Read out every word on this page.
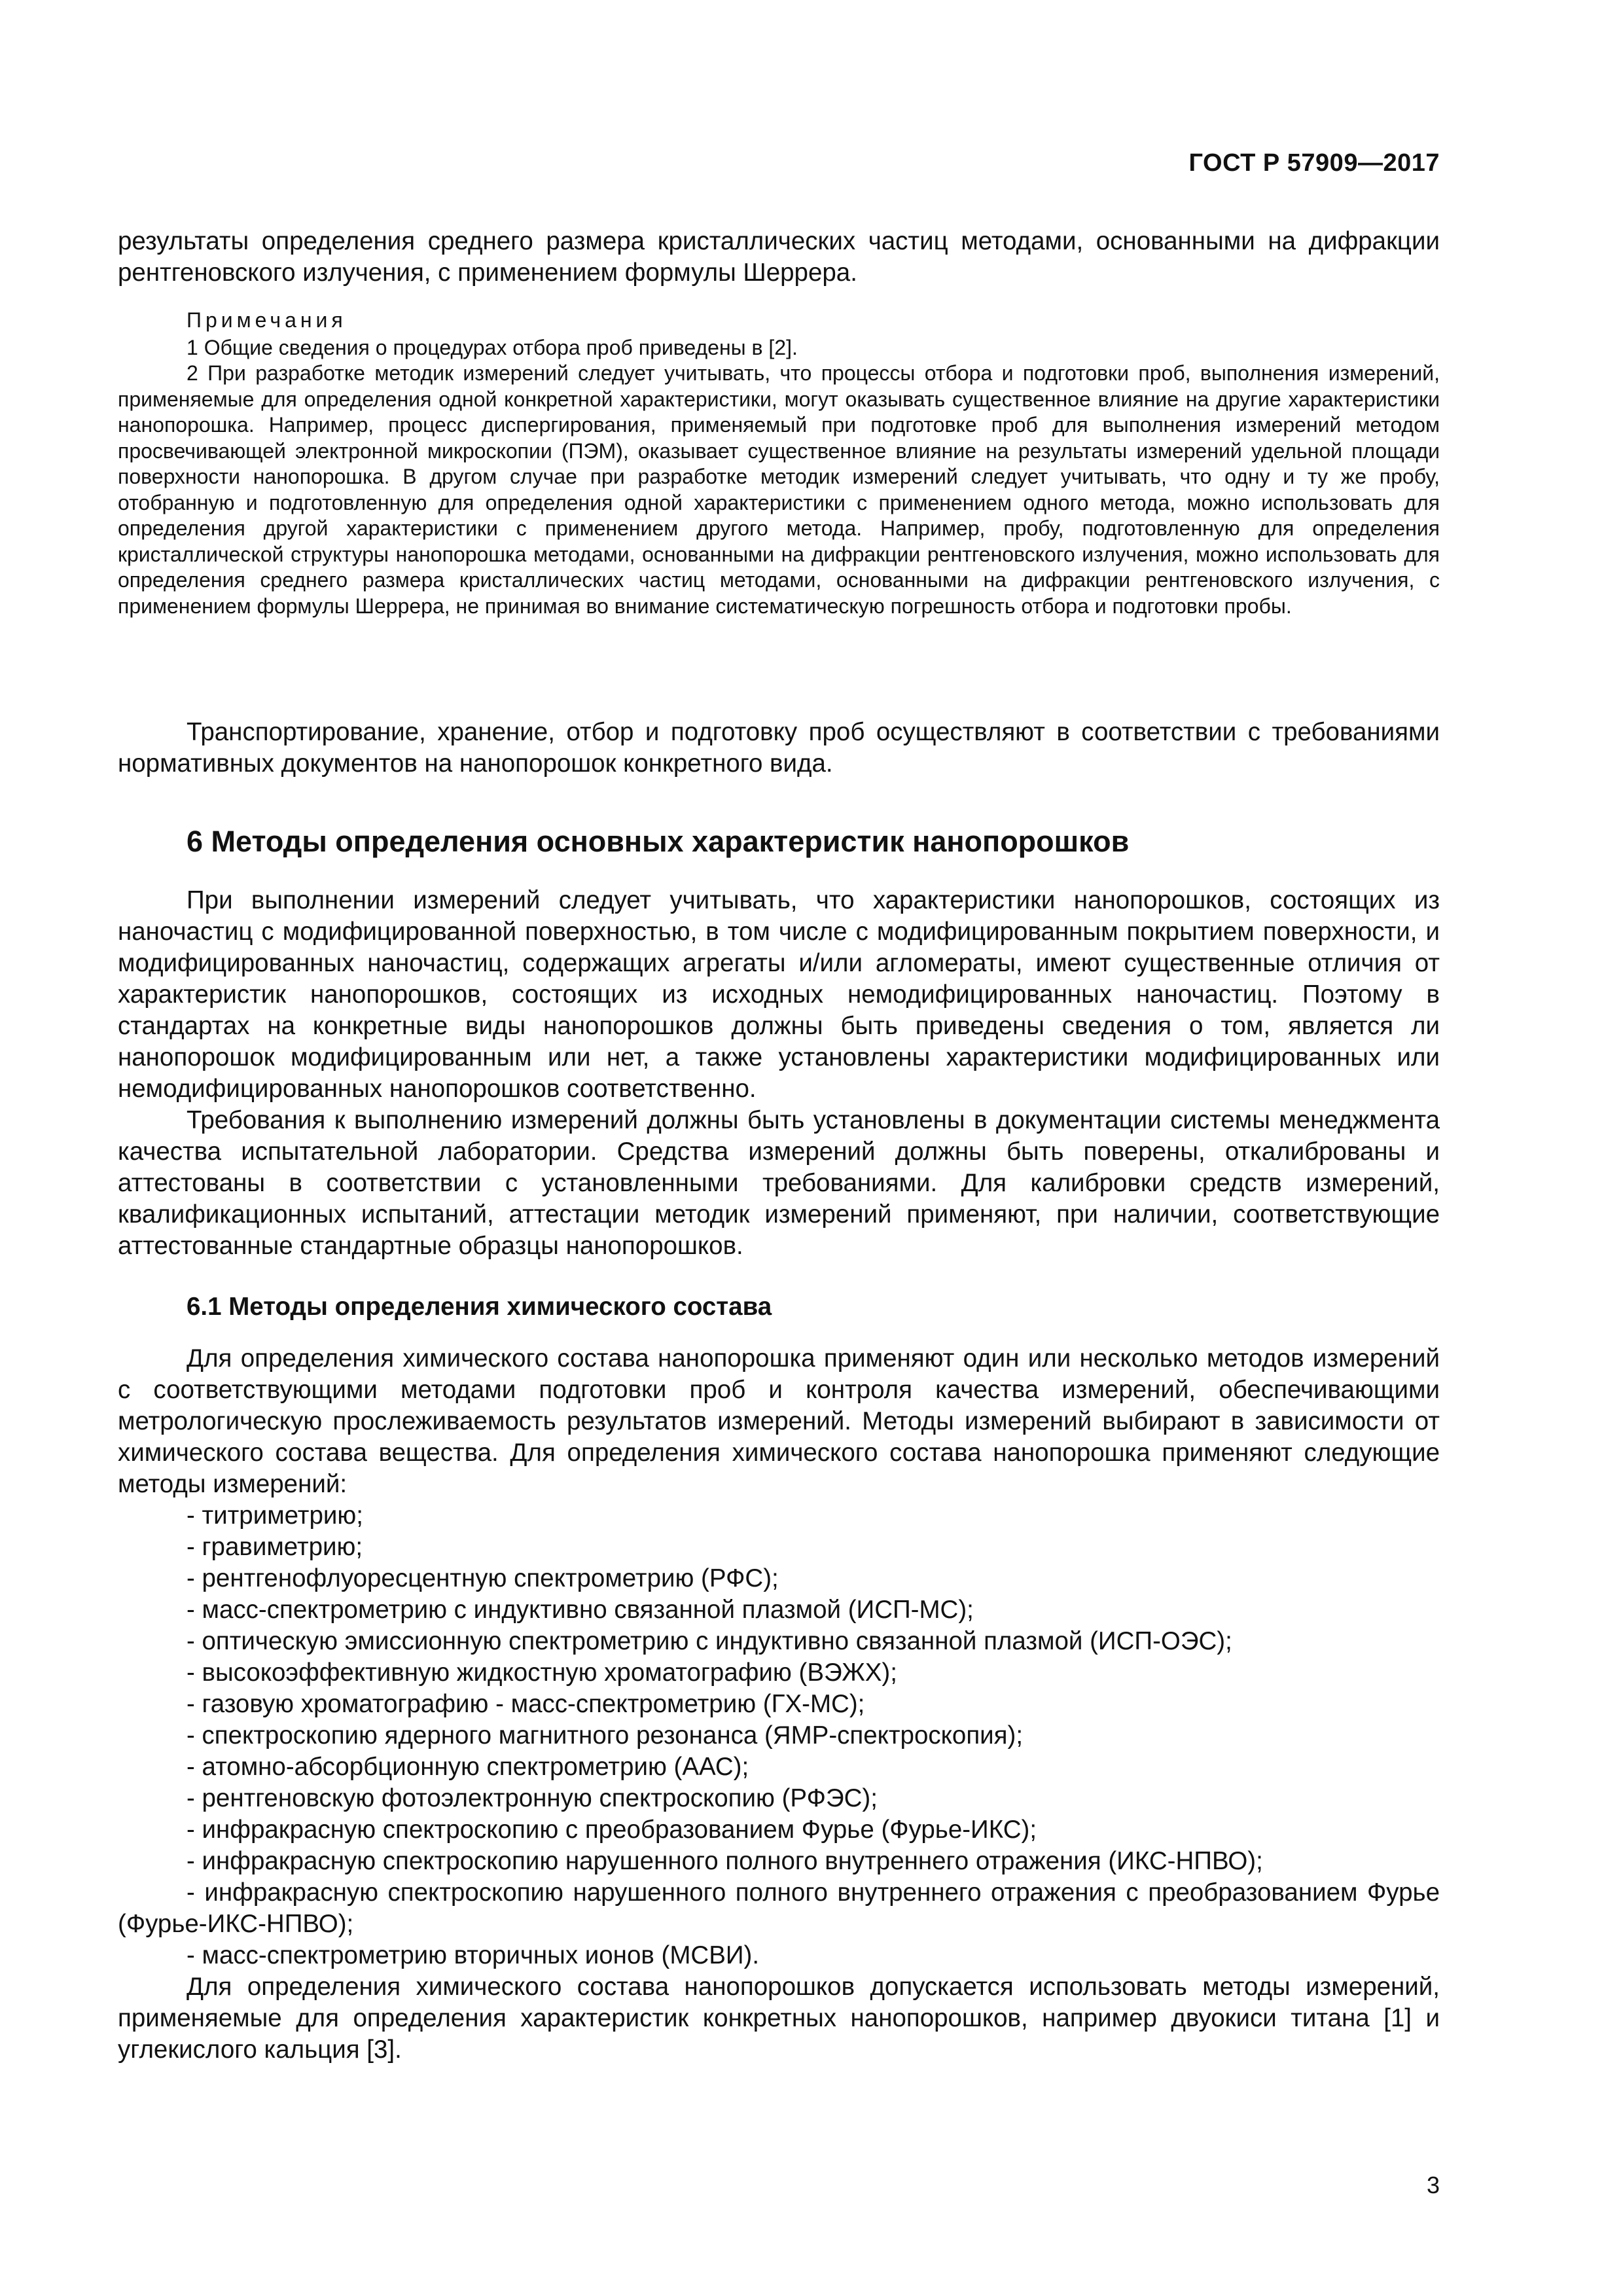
ГОСТ Р 57909—2017

результаты определения среднего размера кристаллических частиц методами, основанными на дифракции рентгеновского излучения, с применением формулы Шеррера.

Примечания

1 Общие сведения о процедурах отбора проб приведены в [2].

2 При разработке методик измерений следует учитывать, что процессы отбора и подготовки проб, выполнения измерений, применяемые для определения одной конкретной характеристики, могут оказывать существенное влияние на другие характеристики нанопорошка. Например, процесс диспергирования, применяемый при подготовке проб для выполнения измерений методом просвечивающей электронной микроскопии (ПЭМ), оказывает существенное влияние на результаты измерений удельной площади поверхности нанопорошка. В другом случае при разработке методик измерений следует учитывать, что одну и ту же пробу, отобранную и подготовленную для определения одной характеристики с применением одного метода, можно использовать для определения другой характеристики с применением другого метода. Например, пробу, подготовленную для определения кристаллической структуры нанопорошка методами, основанными на дифракции рентгеновского излучения, можно использовать для определения среднего размера кристаллических частиц методами, основанными на дифракции рентгеновского излучения, с применением формулы Шеррера, не принимая во внимание систематическую погрешность отбора и подготовки пробы.

Транспортирование, хранение, отбор и подготовку проб осуществляют в соответствии с требованиями нормативных документов на нанопорошок конкретного вида.

6 Методы определения основных характеристик нанопорошков

При выполнении измерений следует учитывать, что характеристики нанопорошков, состоящих из наночастиц с модифицированной поверхностью, в том числе с модифицированным покрытием поверхности, и модифицированных наночастиц, содержащих агрегаты и/или агломераты, имеют существенные отличия от характеристик нанопорошков, состоящих из исходных немодифицированных наночастиц. Поэтому в стандартах на конкретные виды нанопорошков должны быть приведены сведения о том, является ли нанопорошок модифицированным или нет, а также установлены характеристики модифицированных или немодифицированных нанопорошков соответственно.

Требования к выполнению измерений должны быть установлены в документации системы менеджмента качества испытательной лаборатории. Средства измерений должны быть поверены, откалиброваны и аттестованы в соответствии с установленными требованиями. Для калибровки средств измерений, квалификационных испытаний, аттестации методик измерений применяют, при наличии, соответствующие аттестованные стандартные образцы нанопорошков.

6.1 Методы определения химического состава

Для определения химического состава нанопорошка применяют один или несколько методов измерений с соответствующими методами подготовки проб и контроля качества измерений, обеспечивающими метрологическую прослеживаемость результатов измерений. Методы измерений выбирают в зависимости от химического состава вещества. Для определения химического состава нанопорошка применяют следующие методы измерений:

- титриметрию;
- гравиметрию;
- рентгенофлуоресцентную спектрометрию (РФС);
- масс-спектрометрию с индуктивно связанной плазмой (ИСП-МС);
- оптическую эмиссионную спектрометрию с индуктивно связанной плазмой (ИСП-ОЭС);
- высокоэффективную жидкостную хроматографию (ВЭЖХ);
- газовую хроматографию - масс-спектрометрию (ГХ-МС);
- спектроскопию ядерного магнитного резонанса (ЯМР-спектроскопия);
- атомно-абсорбционную спектрометрию (ААС);
- рентгеновскую фотоэлектронную спектроскопию (РФЭС);
- инфракрасную спектроскопию с преобразованием Фурье (Фурье-ИКС);
- инфракрасную спектроскопию нарушенного полного внутреннего отражения (ИКС-НПВО);
- инфракрасную спектроскопию нарушенного полного внутреннего отражения с преобразованием Фурье (Фурье-ИКС-НПВО);
- масс-спектрометрию вторичных ионов (МСВИ).

Для определения химического состава нанопорошков допускается использовать методы измерений, применяемые для определения характеристик конкретных нанопорошков, например двуокиси титана [1] и углекислого кальция [3].

3
